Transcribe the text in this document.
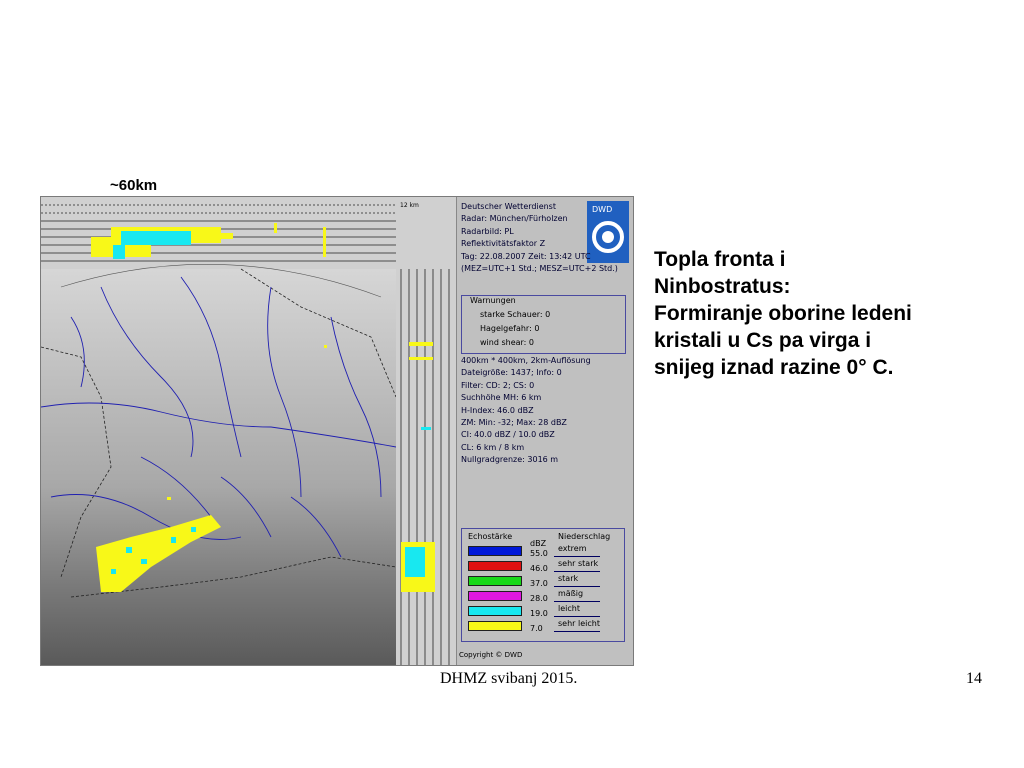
~60km
12 km	DWD
Deutscher Wetterdienst
Radar: München/Fürholzen
Radarbild: PL
Reflektivitätsfaktor Z
Tag: 22.08.2007 Zeit: 13:42 UTC
(MEZ=UTC+1 Std.; MESZ=UTC+2 Std.)
Warnungen
starke Schauer: 0
Hagelgefahr: 0
wind shear: 0
400km * 400km, 2km-Auflösung
Dateigröße: 1437; Info: 0
Filter: CD: 2; CS: 0
Suchhöhe MH: 6 km
H-Index: 46.0 dBZ
ZM: Min: -32; Max: 28 dBZ
CI: 40.0 dBZ / 10.0 dBZ
CL: 6 km / 8 km
Nullgradgrenze: 3016 m
Echostärke
dBZ
Niederschlag
55.0
extrem
46.0
sehr stark
37.0
stark
28.0
mäßig
19.0
leicht
7.0
sehr leicht
Copyright © DWD
Topla fronta i
Ninbostratus:
Formiranje oborine ledeni
kristali u Cs pa virga i
snijeg iznad razine 0° C.
DHMZ svibanj 2015.	14
